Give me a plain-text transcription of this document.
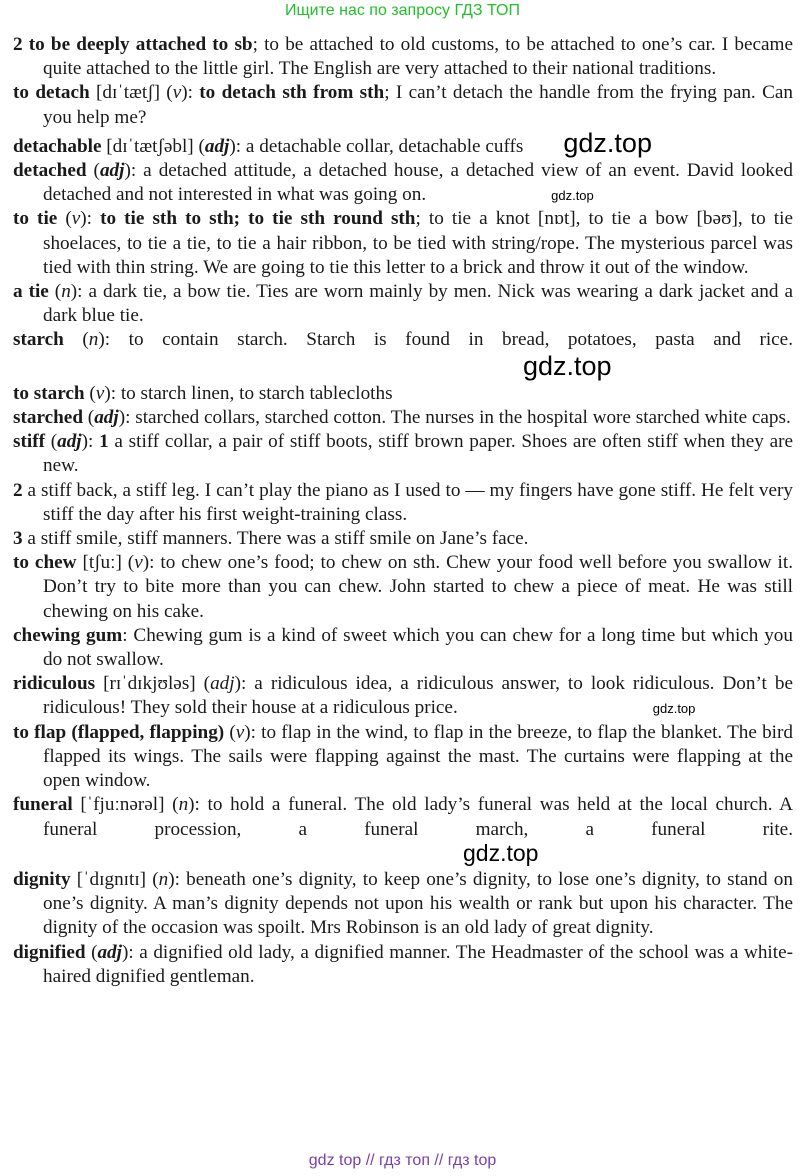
Ищите нас по запросу ГДЗ ТОП

2 to be deeply attached to sb; to be attached to old customs, to be attached to one’s car. I became quite attached to the little girl. The English are very attached to their national traditions.

to detach [dɪˈtætʃ] (v): to detach sth from sth; I can’t detach the handle from the frying pan. Can you help me?

detachable [dɪˈtætʃəbl] (adj): a detachable collar, detachable cuffs gdz.top

detached (adj): a detached attitude, a detached house, a detached view of an event. David looked detached and not interested in what was going on.	gdz.top

to tie (v): to tie sth to sth; to tie sth round sth; to tie a knot [nɒt], to tie a bow [bəʊ], to tie shoelaces, to tie a tie, to tie a hair ribbon, to be tied with string/rope. The mysterious parcel was tied with thin string. We are going to tie this letter to a brick and throw it out of the window.

a tie (n): a dark tie, a bow tie. Ties are worn mainly by men. Nick was wearing a dark jacket and a dark blue tie.

starch (n): to contain starch. Starch is found in bread, potatoes, pasta and rice.gdz.top

to starch (v): to starch linen, to starch tablecloths

starched (adj): starched collars, starched cotton. The nurses in the hospital wore starched white caps.

stiff (adj): 1 a stiff collar, a pair of stiff boots, stiff brown paper. Shoes are often stiff when they are new.

2 a stiff back, a stiff leg. I can’t play the piano as I used to — my fingers have gone stiff. He felt very stiff the day after his first weight-training class.

3 a stiff smile, stiff manners. There was a stiff smile on Jane’s face.

to chew [tʃuː] (v): to chew one’s food; to chew on sth. Chew your food well before you swallow it. Don’t try to bite more than you can chew. John started to chew a piece of meat. He was still chewing on his cake.

chewing gum: Chewing gum is a kind of sweet which you can chew for a long time but which you do not swallow.

ridiculous [rɪˈdɪkjʊləs] (adj): a ridiculous idea, a ridiculous answer, to look ridiculous. Don’t be ridiculous! They sold their house at a ridiculous price.	gdz.top

to flap (flapped, flapping) (v): to flap in the wind, to flap in the breeze, to flap the blanket. The bird flapped its wings. The sails were flapping against the mast. The curtains were flapping at the open window.

funeral [ˈfjuːnərəl] (n): to hold a funeral. The old lady’s funeral was held at the local church. A funeral procession, a funeral march, a funeral rite.gdz.top

dignity [ˈdɪgnɪtɪ] (n): beneath one’s dignity, to keep one’s dignity, to lose one’s dignity, to stand on one’s dignity. A man’s dignity depends not upon his wealth or rank but upon his character. The dignity of the occasion was spoilt. Mrs Robinson is an old lady of great dignity.

dignified (adj): a dignified old lady, a dignified manner. The Headmaster of the school was a white-haired dignified gentleman.

gdz top // гдз топ // гдз top
